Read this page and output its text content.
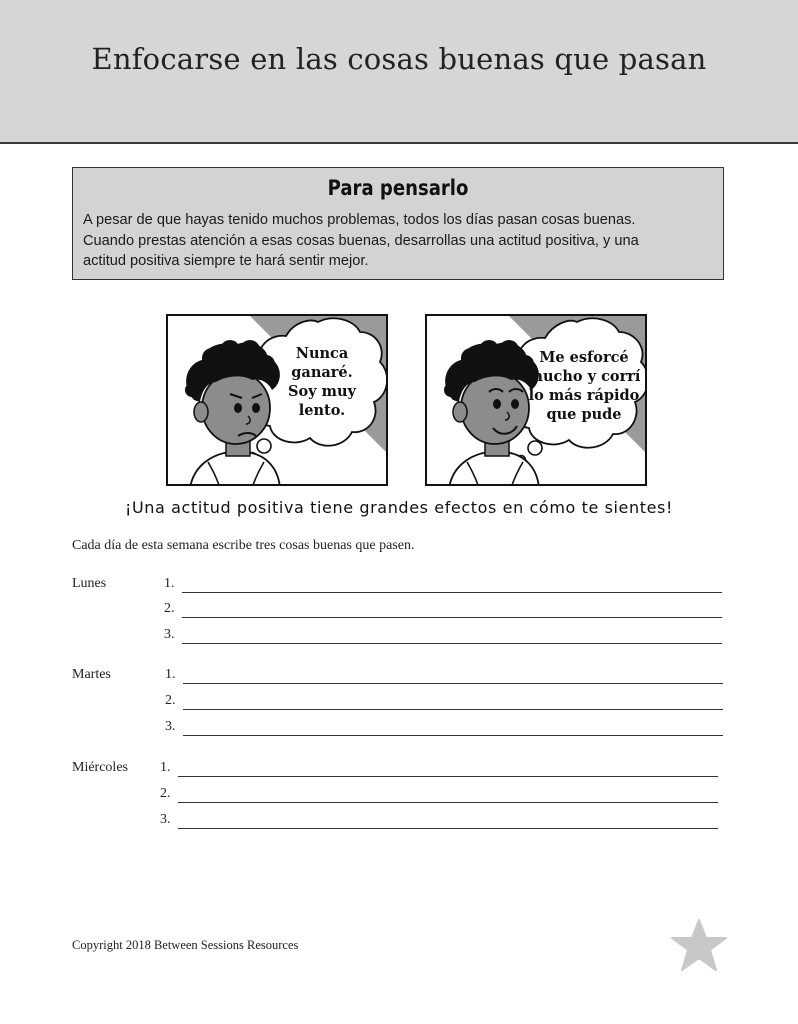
Enfocarse en las cosas buenas que pasan
Para pensarlo
A pesar de que hayas tenido muchos problemas, todos los días pasan cosas buenas.
Cuando prestas atención a esas cosas buenas, desarrollas una actitud positiva, y una
actitud positiva siempre te hará sentir mejor.
Nunca
ganaré.
Soy muy
lento.
Me esforcé
mucho y corrí
lo más rápido
que pude
¡Una actitud positiva tiene grandes efectos en cómo te sientes!
Cada día de esta semana escribe tres cosas buenas que pasen.
Lunes	1.
2.
3.
Martes	1.
2.
3.
Miércoles 1.
2.
3.
Copyright 2018 Between Sessions Resources
